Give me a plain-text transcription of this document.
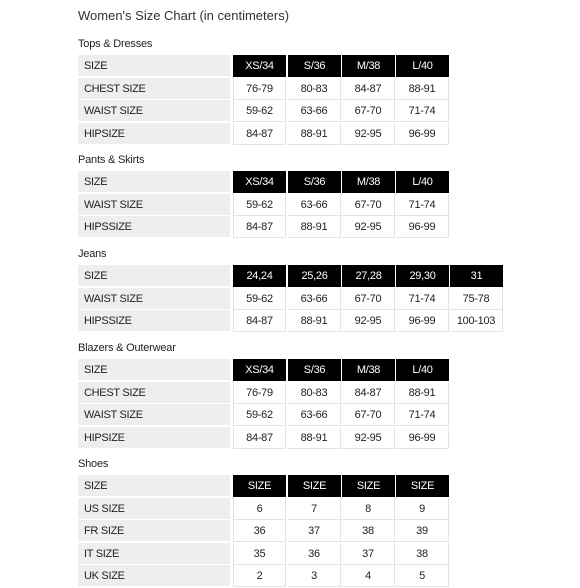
Women's Size Chart (in centimeters)
Tops & Dresses
SIZE	XS/34	S/36	M/38	L/40
CHEST SIZE	76-79	80-83	84-87	88-91
WAIST SIZE	59-62	63-66	67-70	71-74
HIPSIZE	84-87	88-91	92-95	96-99
Pants & Skirts
SIZE	XS/34	S/36	M/38	L/40
WAIST SIZE	59-62	63-66	67-70	71-74
HIPSSIZE	84-87	88-91	92-95	96-99
Jeans
SIZE	24,24	25,26	27,28	29,30	31
WAIST SIZE	59-62	63-66	67-70	71-74	75-78
HIPSSIZE	84-87	88-91	92-95	96-99	100-103
Blazers & Outerwear
SIZE	XS/34	S/36	M/38	L/40
CHEST SIZE	76-79	80-83	84-87	88-91
WAIST SIZE	59-62	63-66	67-70	71-74
HIPSIZE	84-87	88-91	92-95	96-99
Shoes
SIZE	SIZE	SIZE	SIZE	SIZE
US SIZE	6	7	8	9
FR SIZE	36	37	38	39
IT SIZE	35	36	37	38
UK SIZE	2	3	4	5
